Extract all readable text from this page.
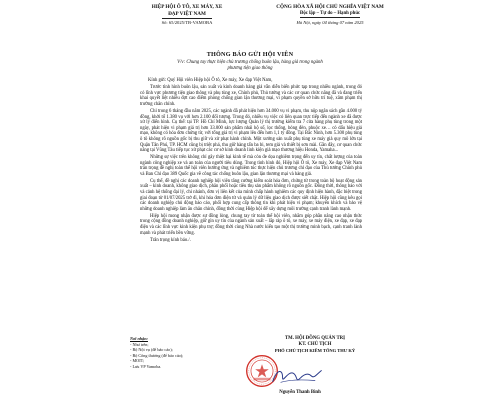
HIỆP HỘI Ô TÔ, XE MÁY, XE
ĐẠP VIỆT NAM
Số: 65/2025/TB-VAMOBA
CỘNG HÒA XÃ HỘI CHỦ NGHĨA VIỆT NAM
Độc lập – Tự do – Hạnh phúc
Hà Nội, ngày 04 tháng 07 năm 2025
THÔNG BÁO GỬI HỘI VIÊN
V/v: Chung tay thực hiện chủ trương chống buôn lậu, hàng giả trong ngành phương tiện giao thông

Kính gửi: Quý Hội viên Hiệp hội Ô tô, Xe máy, Xe đạp Việt Nam,

Trước tình hình buôn lậu, sản xuất và kinh doanh hàng giả vẫn diễn biến phức tạp trong nhiều ngành, trong đó có lĩnh vực phương tiện giao thông và phụ tùng xe, Chính phủ, Thủ tướng và các cơ quan chức năng đã và đang triển khai quyết liệt nhiều đợt cao điểm phòng chống gian lận thương mại, vi phạm quyền sở hữu trí tuệ, xâm phạm thị trường chân chính.

Chỉ trong 6 tháng đầu năm 2025, các ngành đã phát hiện hơn 34.000 vụ vi phạm, thu nộp ngân sách gần 4.000 tỷ đồng, khởi tố 1.380 vụ với hơn 2.100 đối tượng. Trong đó, nhiều vụ việc có liên quan trực tiếp đến ngành xe đã được xử lý điển hình. Cụ thể: tại TP. Hồ Chí Minh, lực lượng Quản lý thị trường kiểm tra 7 cửa hàng phụ tùng trong một ngày, phát hiện vi phạm giá trị hơn 33.000 sản phẩm nhái hộ số, lọc thống, bóng đèn, phuộc xe… có dấu hiệu giả mạo, không có hóa đơn chứng từ, với tổng giá trị vi phạm lên đến hơn 1,1 tỷ đồng. Tại Bắc Ninh, hơn 5.300 phụ tùng ô tô không rõ nguồn gốc bị thu giữ và xử phạt hành chính. Một xưởng sản xuất phụ tùng xe máy giả quy mô lớn tại Quận Tân Phú, TP. HCM cũng bị triệt phá, thu giữ hàng tấn ba bi, tem giả và thiết bị sơn mài. Gần đây, cơ quan chức năng tại Vũng Tàu tiếp tục xử phạt các cơ sở kinh doanh linh kiện giả mạo thương hiệu Honda, Yamaha...

Những sự việc trên không chỉ gây thiệt hại kinh tế mà còn đe dọa nghiêm trọng đến uy tín, chất lượng của toàn ngành công nghiệp xe và an toàn của người tiêu dùng. Trong tình hình đó, Hiệp hội Ô tô, Xe máy, Xe đạp Việt Nam trân trọng đề nghị toàn thể hội viên hưởng ứng và nghiêm túc thực hiện chủ trương chỉ đạo của Thủ tướng Chính phủ và Ban Chỉ đạo 389 Quốc gia về công tác chống buôn lậu, gian lận thương mại và hàng giả.

Cụ thể, đề nghị các doanh nghiệp hội viên tăng cường kiểm soát hóa đơn, chứng từ trong toàn bộ hoạt động sản xuất – kinh doanh, không giao dịch, phân phối hoặc tiêu thụ sản phẩm không rõ nguồn gốc. Đồng thời, thông báo với và cảnh hệ thống đại lý, chi nhánh, đơn vị liên kết của mình chấp hành nghiêm các quy định hiện hành, đặc biệt trong giai đoạn từ 01/07/2025 trở đi, khi hóa đơn điện tử và quản lý dữ liệu giao dịch được siết chặt. Hiệp hội cũng kêu gọi các doanh nghiệp chủ động báo cáo, phối hợp cung cấp thông tin khi phát hiện vi phạm; khuyến khích và bảo vệ những doanh nghiệp làm ăn chân chính, đồng thời cùng Hiệp hội để xây dựng môi trường cạnh tranh lành mạnh.

Hiệp hội mong nhận được sự đồng lòng, chung tay từ toàn thể hội viên, nhằm góp phần nâng cao nhận thức trong cộng đồng doanh nghiệp, giữ gìn uy tín của ngành sản xuất – lắp ráp ô tô, xe máy, xe máy điện, xe đạp, xe đạp điện và các lĩnh vực kinh kiện phụ trợ; đồng thời cùng Nhà nước kiến tạo một thị trường minh bạch, cạnh tranh lành mạnh và phát triển bền vững.

Trân trọng kính báo./.

Nơi nhận:
- Như trên;
- Bộ Nội vụ (để báo cáo);
- Bộ Công thương (để báo cáo);
- MOIT;
- Lưu VP Vamoba.
TM. HỘI ĐỒNG QUẢN TRỊ
KT. CHỦ TỊCH
PHÓ CHỦ TỊCH KIÊM TỔNG THƯ KÝ
Nguyễn Thanh Bình
